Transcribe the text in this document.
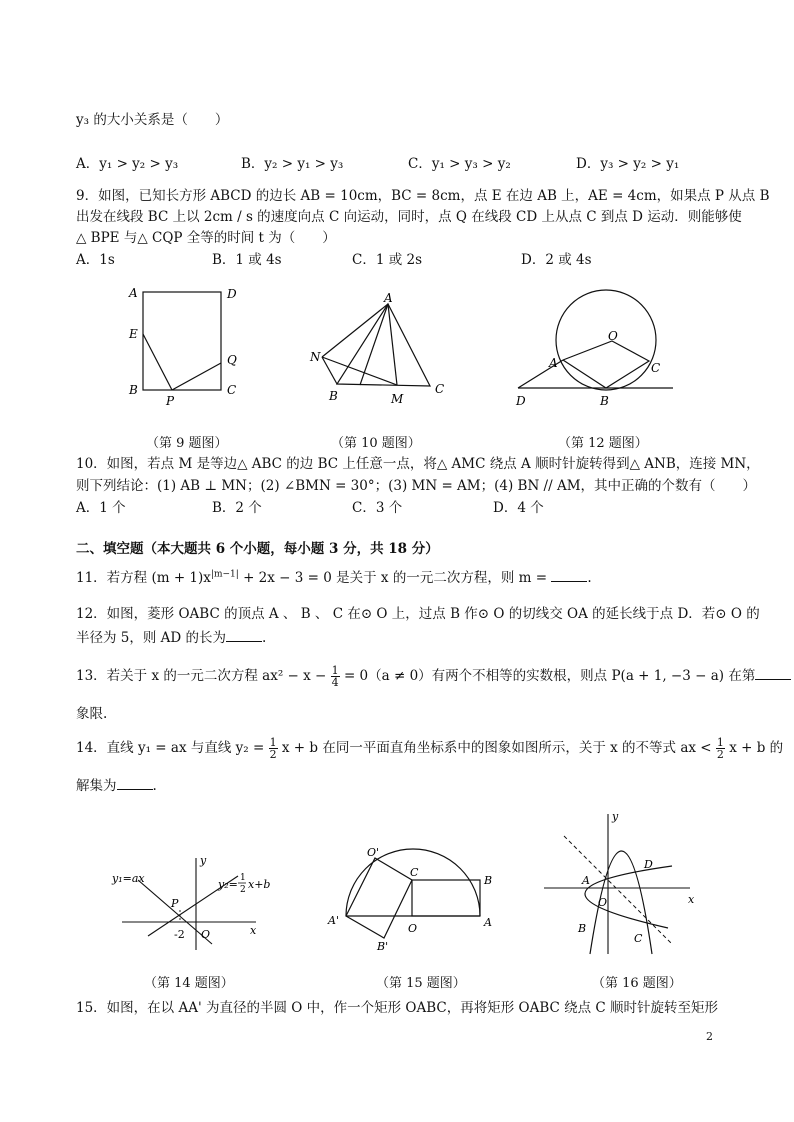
y₃ 的大小关系是（　　）
A．y₁ > y₂ > y₃	B．y₂ > y₁ > y₃	C．y₁ > y₃ > y₂	D．y₃ > y₂ > y₁
9．如图，已知长方形 ABCD 的边长 AB = 10cm，BC = 8cm，点 E 在边 AB 上，AE = 4cm，如果点 P 从点 B
出发在线段 BC 上以 2cm / s 的速度向点 C 向运动，同时，点 Q 在线段 CD 上从点 C 到点 D 运动．则能够使
△ BPE 与△ CQP 全等的时间 t 为（　　）
A．1s	B．1 或 4s	C．1 或 2s	D．2 或 4s
A	D
E
Q
B
P
C
（第 9 题图）
A
N
B	M
C
（第 10 题图）
O
A	C
D	B
（第 12 题图）
10．如图，若点 M 是等边△ ABC 的边 BC 上任意一点，将△ AMC 绕点 A 顺时针旋转得到△ ANB，连接 MN，
则下列结论：(1) AB ⊥ MN；(2) ∠BMN = 30°；(3) MN = AM；(4) BN // AM，其中正确的个数有（　　）
A．1 个	B．2 个	C．3 个	D．4 个
二、填空题（本大题共 6 个小题，每小题 3 分，共 18 分）
11．若方程 $(m + 1)x^{|m-1|} + 2x - 3 = 0$ 是关于 x 的一元二次方程，则 m =	.
12．如图，菱形 OABC 的顶点 A 、 B 、 C 在⊙ O 上，过点 B 作⊙ O 的切线交 OA 的延长线于点 D．若⊙ O 的
半径为 5，则 AD 的长为	.
13．若关于 x 的一元二次方程 $ax^2 - x - \frac{1}{4} = 0(a \ne 0)$有两个不相等的实数根，则点 P(a + 1, −3 − a) 在第
象限.
14．直线 y₁ = ax 与直线 $y_2 = \frac{1}{2}$ x + b 在同一平面直角坐标系中的图象如图所示，关于 x 的不等式 ax < $\frac{1}{2}$ x + b 的
解集为	.
y₁=ax	y₂= 1
2 x+b
y
P
-2 O	x
（第 14 题图）
O'
C
B
A'
O	A
B'
（第 15 题图）
y
D
A
O	x
B
C
（第 16 题图）
15．如图，在以 AA' 为直径的半圆 O 中，作一个矩形 OABC，再将矩形 OABC 绕点 C 顺时针旋转至矩形
2
